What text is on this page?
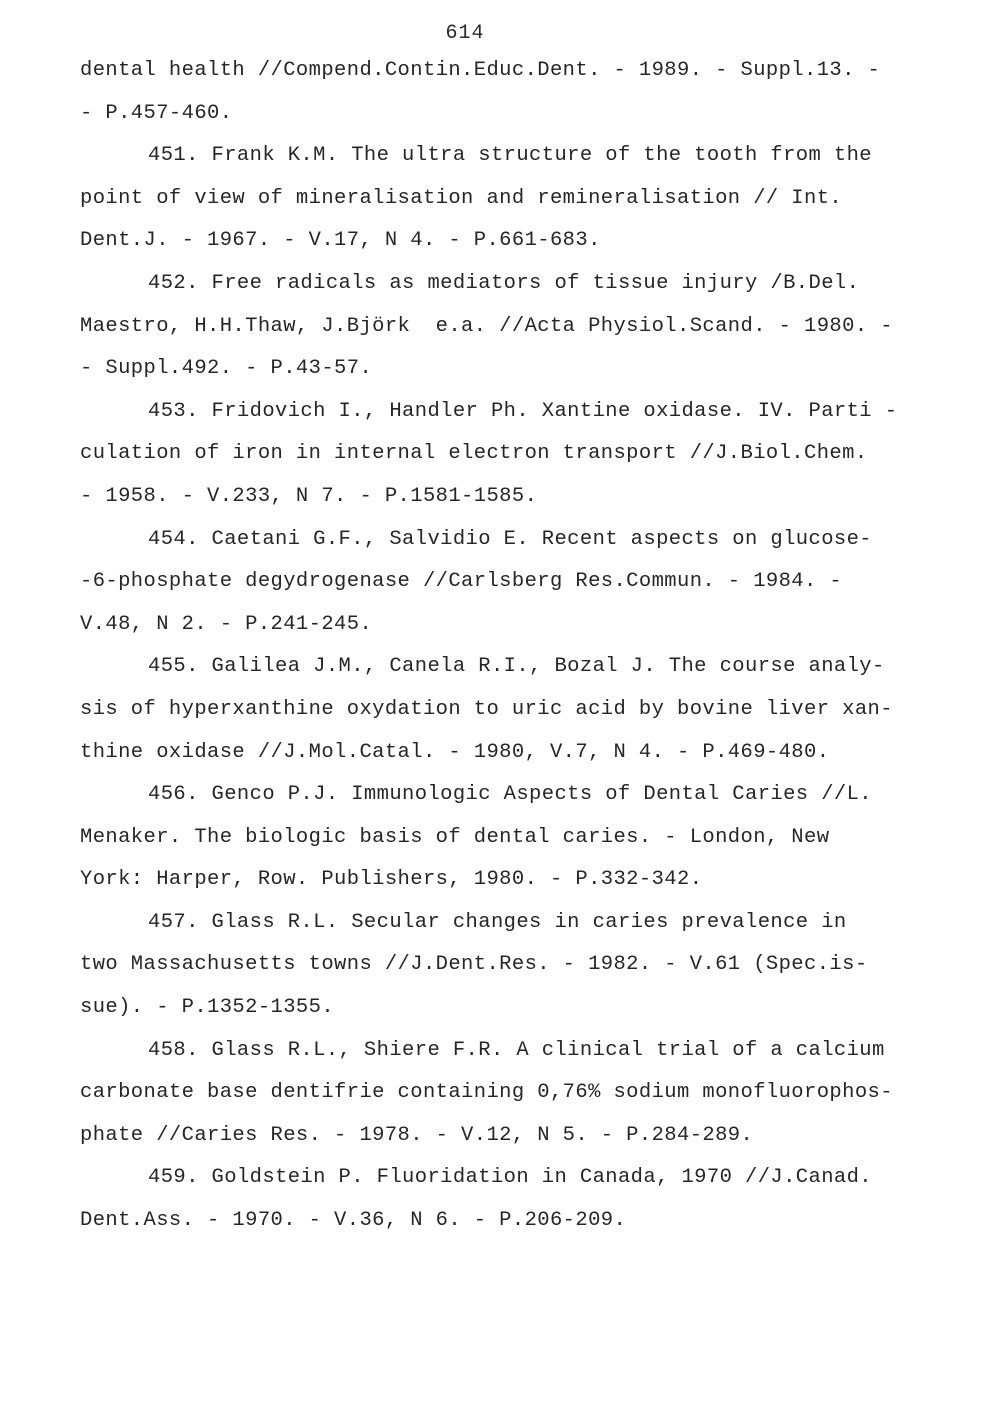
614
dental health //Compend.Contin.Educ.Dent. - 1989. - Suppl.13. -
- P.457-460.
451. Frank K.M. The ultra structure of the tooth from the
point of view of mineralisation and remineralisation // Int.
Dent.J. - 1967. - V.17, N 4. - P.661-683.
452. Free radicals as mediators of tissue injury /B.Del.
Maestro, H.H.Thaw, J.Björk  e.a. //Acta Physiol.Scand. - 1980. -
- Suppl.492. - P.43-57.
453. Fridovich I., Handler Ph. Xantine oxidase. IV. Parti -
culation of iron in internal electron transport //J.Biol.Chem.
- 1958. - V.233, N 7. - P.1581-1585.
454. Caetani G.F., Salvidio E. Recent aspects on glucose-
-6-phosphate degydrogenase //Carlsberg Res.Commun. - 1984. -
V.48, N 2. - P.241-245.
455. Galilea J.M., Canela R.I., Bozal J. The course analy-
sis of hyperxanthine oxydation to uric acid by bovine liver xan-
thine oxidase //J.Mol.Catal. - 1980, V.7, N 4. - P.469-480.
456. Genco P.J. Immunologic Aspects of Dental Caries //L.
Menaker. The biologic basis of dental caries. - London, New
York: Harper, Row. Publishers, 1980. - P.332-342.
457. Glass R.L. Secular changes in caries prevalence in
two Massachusetts towns //J.Dent.Res. - 1982. - V.61 (Spec.is-
sue). - P.1352-1355.
458. Glass R.L., Shiere F.R. A clinical trial of a calcium
carbonate base dentifrie containing 0,76% sodium monofluorophos-
phate //Caries Res. - 1978. - V.12, N 5. - P.284-289.
459. Goldstein P. Fluoridation in Canada, 1970 //J.Canad.
Dent.Ass. - 1970. - V.36, N 6. - P.206-209.
